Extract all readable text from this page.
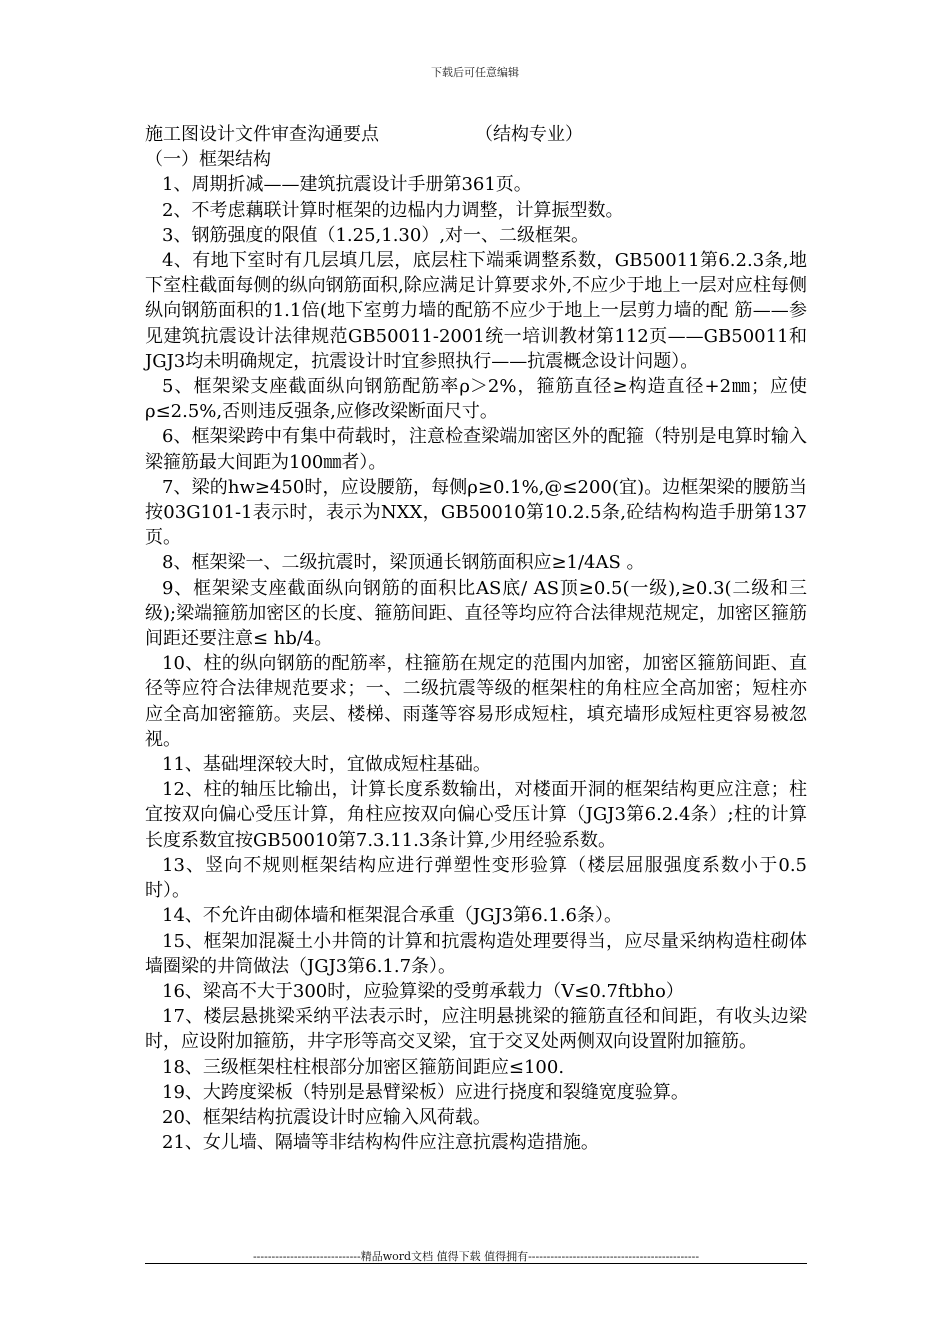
下载后可任意编辑
施工图设计文件审查沟通要点	（结构专业）
（一）框架结构
1、周期折减——建筑抗震设计手册第361页。
2、不考虑藕联计算时框架的边榀内力调整，计算振型数。
3、钢筋强度的限值（1.25,1.30）,对一、二级框架。
4、有地下室时有几层填几层，底层柱下端乘调整系数，GB50011第6.2.3条,地下室柱截面每侧的纵向钢筋面积,除应满足计算要求外,不应少于地上一层对应柱每侧纵向钢筋面积的1.1倍(地下室剪力墙的配筋不应少于地上一层剪力墙的配 筋——参见建筑抗震设计法律规范GB50011-2001统一培训教材第112页——GB50011和JGJ3均未明确规定，抗震设计时宜参照执行——抗震概念设计问题）。
5、框架梁支座截面纵向钢筋配筋率ρ＞2%，箍筋直径≥构造直径+2㎜；应使ρ≤2.5%,否则违反强条,应修改梁断面尺寸。
6、框架梁跨中有集中荷载时，注意检查梁端加密区外的配箍（特别是电算时输入梁箍筋最大间距为100㎜者）。
7、梁的hw≥450时，应设腰筋，每侧ρ≥0.1%,@≤200(宜)。边框架梁的腰筋当按03G101-1表示时，表示为NXX，GB50010第10.2.5条,砼结构构造手册第137页。
8、框架梁一、二级抗震时，梁顶通长钢筋面积应≥1/4AS 。
9、框架梁支座截面纵向钢筋的面积比AS底/ AS顶≥0.5(一级),≥0.3(二级和三级);梁端箍筋加密区的长度、箍筋间距、直径等均应符合法律规范规定，加密区箍筋间距还要注意≤ hb/4。
10、柱的纵向钢筋的配筋率，柱箍筋在规定的范围内加密，加密区箍筋间距、直径等应符合法律规范要求；一、二级抗震等级的框架柱的角柱应全高加密；短柱亦应全高加密箍筋。夹层、楼梯、雨蓬等容易形成短柱，填充墙形成短柱更容易被忽视。
11、基础埋深较大时，宜做成短柱基础。
12、柱的轴压比输出，计算长度系数输出，对楼面开洞的框架结构更应注意；柱宜按双向偏心受压计算，角柱应按双向偏心受压计算（JGJ3第6.2.4条）;柱的计算长度系数宜按GB50010第7.3.11.3条计算,少用经验系数。
13、竖向不规则框架结构应进行弹塑性变形验算（楼层屈服强度系数小于0.5时）。
14、不允许由砌体墙和框架混合承重（JGJ3第6.1.6条）。
15、框架加混凝土小井筒的计算和抗震构造处理要得当，应尽量采纳构造柱砌体墙圈梁的井筒做法（JGJ3第6.1.7条）。
16、梁高不大于300时，应验算梁的受剪承载力（V≤0.7ftbho）
17、楼层悬挑梁采纳平法表示时，应注明悬挑梁的箍筋直径和间距，有收头边梁时，应设附加箍筋，井字形等高交叉梁，宜于交叉处两侧双向设置附加箍筋。
18、三级框架柱柱根部分加密区箍筋间距应≤100.
19、大跨度梁板（特别是悬臂梁板）应进行挠度和裂缝宽度验算。
20、框架结构抗震设计时应输入风荷载。
21、女儿墙、隔墙等非结构构件应注意抗震构造措施。
-----------------------------精品word文档 值得下载 值得拥有----------------------------------------------
